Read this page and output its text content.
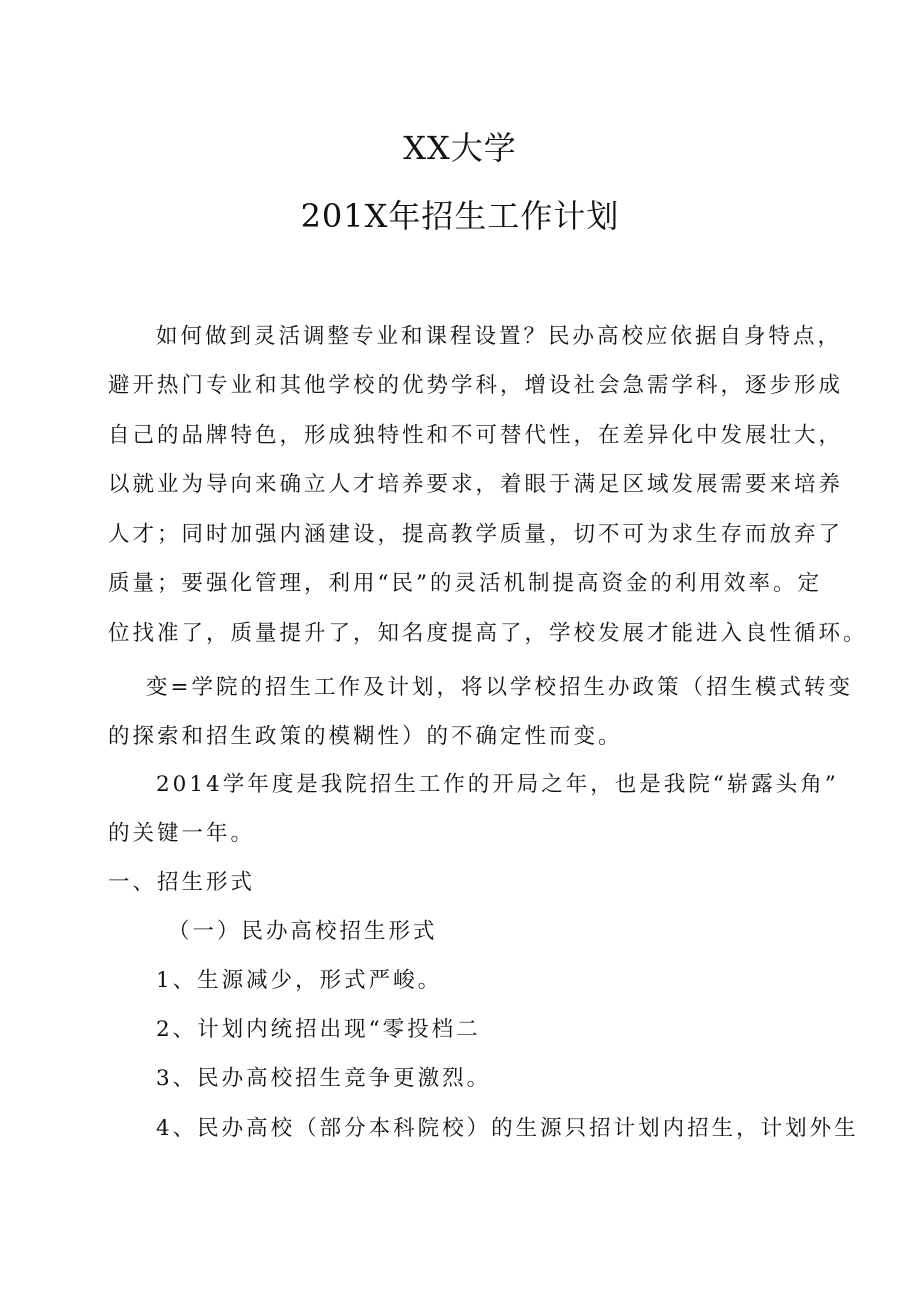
XX大学
201X年招生工作计划
如何做到灵活调整专业和课程设置？民办高校应依据自身特点，
避开热门专业和其他学校的优势学科，增设社会急需学科，逐步形成
自己的品牌特色，形成独特性和不可替代性，在差异化中发展壮大，
以就业为导向来确立人才培养要求，着眼于满足区域发展需要来培养
人才；同时加强内涵建设，提高教学质量，切不可为求生存而放弃了
质量；要强化管理，利用“民”的灵活机制提高资金的利用效率。定
位找准了，质量提升了，知名度提高了，学校发展才能进入良性循环。
变=学院的招生工作及计划，将以学校招生办政策（招生模式转变
的探索和招生政策的模糊性）的不确定性而变。
2014学年度是我院招生工作的开局之年，也是我院“崭露头角”
的关键一年。
一、招生形式
（一）民办高校招生形式
1、生源减少，形式严峻。
2、计划内统招出现“零投档二
3、民办高校招生竞争更激烈。
4、民办高校（部分本科院校）的生源只招计划内招生，计划外生
